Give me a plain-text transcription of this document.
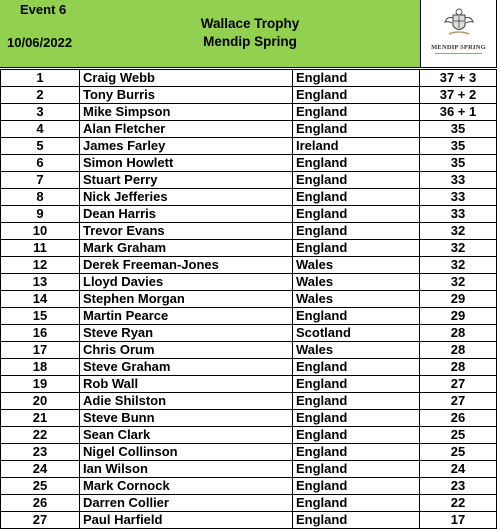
Event 6
10/06/2022
Wallace Trophy
Mendip Spring	MENDIP SPRING
1	Craig Webb	England	37 + 3
2	Tony Burris	England	37 + 2
3	Mike Simpson	England	36 + 1
4	Alan Fletcher	England	35
5	James Farley	Ireland	35
6	Simon Howlett	England	35
7	Stuart Perry	England	33
8	Nick Jefferies	England	33
9	Dean Harris	England	33
10	Trevor Evans	England	32
11	Mark Graham	England	32
12	Derek Freeman-Jones	Wales	32
13	Lloyd Davies	Wales	32
14	Stephen Morgan	Wales	29
15	Martin Pearce	England	29
16	Steve Ryan	Scotland	28
17	Chris Orum	Wales	28
18	Steve Graham	England	28
19	Rob Wall	England	27
20	Adie Shilston	England	27
21	Steve Bunn	England	26
22	Sean Clark	England	25
23	Nigel Collinson	England	25
24	Ian Wilson	England	24
25	Mark Cornock	England	23
26	Darren Collier	England	22
27	Paul Harfield	England	17
